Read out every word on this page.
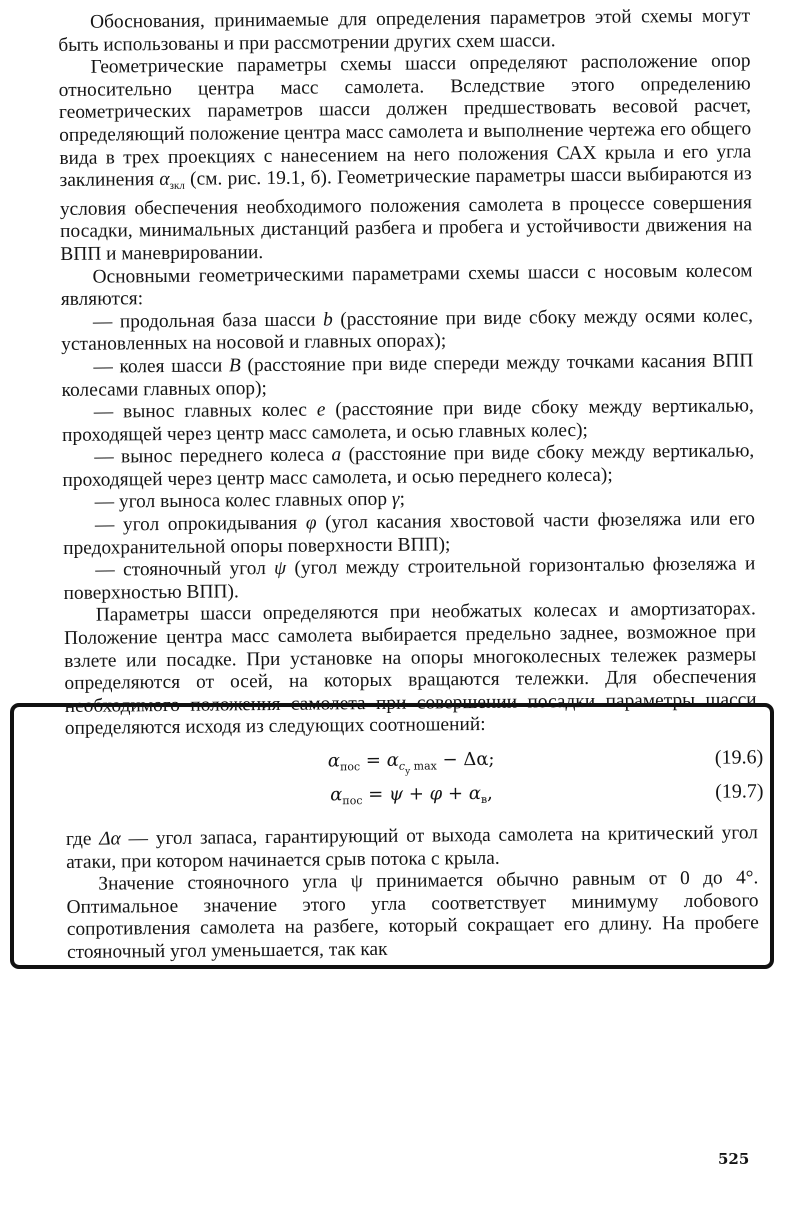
Обоснования, принимаемые для определения параметров этой схемы могут быть использованы и при рассмотрении других схем шасси.

Геометрические параметры схемы шасси определяют расположение опор относительно центра масс самолета. Вследствие этого определению геометрических параметров шасси должен предшествовать весовой расчет, определяющий положение центра масс самолета и выполнение чертежа его общего вида в трех проекциях с нанесением на него положения САХ крыла и его угла заклинения $\alpha_{зкл}$ (см. рис. 19.1, б). Геометрические параметры шасси выбираются из условия обеспечения необходимого положения самолета в процессе совершения посадки, минимальных дистанций разбега и пробега и устойчивости движения на ВПП и маневрировании.

Основными геометрическими параметрами схемы шасси с носовым колесом являются:

— продольная база шасси b (расстояние при виде сбоку между осями колес, установленных на носовой и главных опорах);

— колея шасси B (расстояние при виде спереди между точками касания ВПП колесами главных опор);

— вынос главных колес e (расстояние при виде сбоку между вертикалью, проходящей через центр масс самолета, и осью главных колес);

— вынос переднего колеса a (расстояние при виде сбоку между вертикалью, проходящей через центр масс самолета, и осью переднего колеса);

— угол выноса колес главных опор γ;

— угол опрокидывания φ (угол касания хвостовой части фюзеляжа или его предохранительной опоры поверхности ВПП);

— стояночный угол ψ (угол между строительной горизонталью фюзеляжа и поверхностью ВПП).

Параметры шасси определяются при необжатых колесах и амортизаторах. Положение центра масс самолета выбирается предельно заднее, возможное при взлете или посадке. При установке на опоры многоколесных тележек размеры определяются от осей, на которых вращаются тележки. Для обеспечения необходимого положения самолета при совершении посадки параметры шасси определяются исходя из следующих соотношений:

$\alpha_{пос} = \alpha_{c_y max} - \Delta\alpha$;	(19.6)
$\alpha_{пос} = \psi + \varphi + \alpha_в$,	(19.7)

где Δα — угол запаса, гарантирующий от выхода самолета на критический угол атаки, при котором начинается срыв потока с крыла.

Значение стояночного угла ψ принимается обычно равным от 0 до 4°. Оптимальное значение этого угла соответствует минимуму лобового сопротивления самолета на разбеге, который сокращает его длину. На пробеге стояночный угол уменьшается, так как

525
